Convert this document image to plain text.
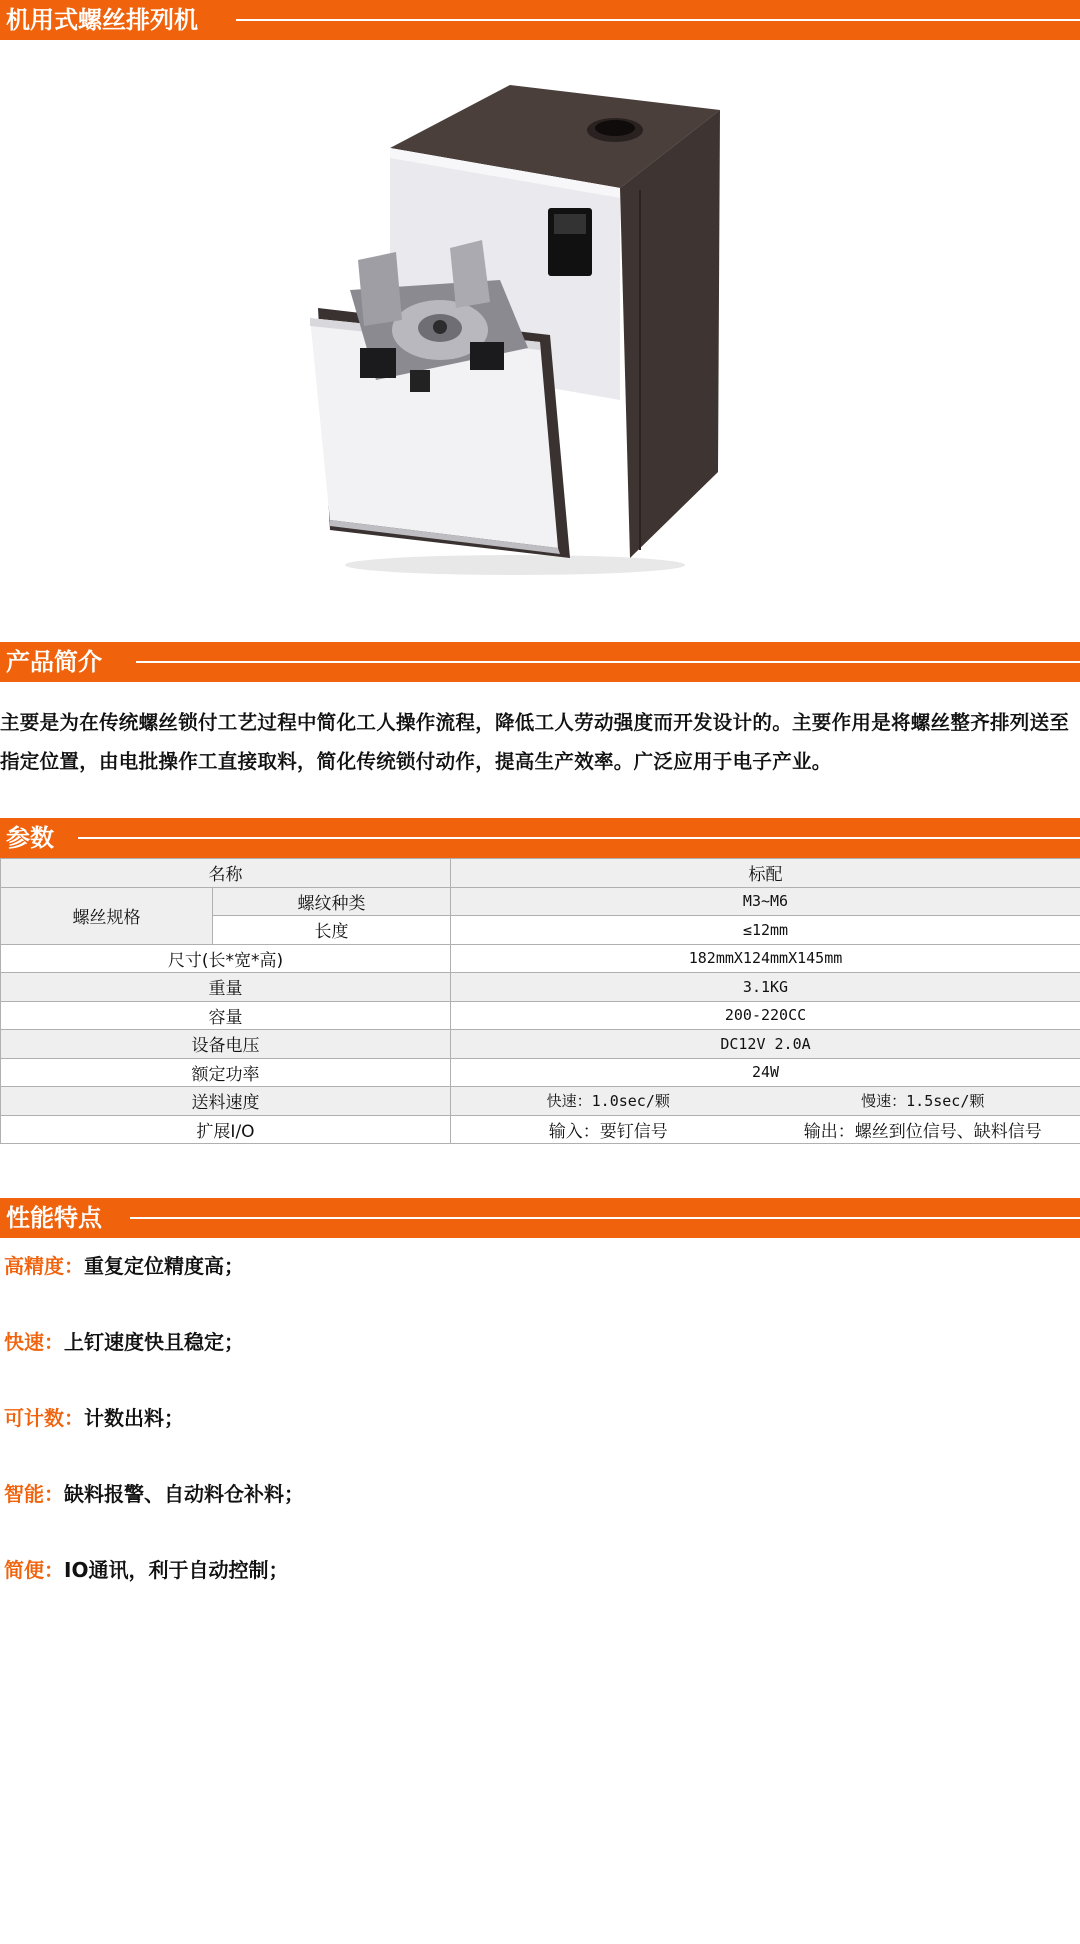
机用式螺丝排列机
产品简介

主要是为在传统螺丝锁付工艺过程中简化工人操作流程，降低工人劳动强度而开发设计的。主要作用是将螺丝整齐排列送至指定位置，由电批操作工直接取料，简化传统锁付动作，提高生产效率。广泛应用于电子产业。

参数
名称		标配
螺丝规格	螺纹种类	M3~M6
	长度	≤12mm
尺寸(长*宽*高)		182mmX124mmX145mm
重量		3.1KG
容量		200-220CC
设备电压		DC12V 2.0A
额定功率		24W
送料速度		快速：1.0sec/颗 慢速：1.5sec/颗

扩展I/O		输入：要钉信号 输出：螺丝到位信号、缺料信号
性能特点

高精度：重复定位精度高；

快速：上钉速度快且稳定；

可计数：计数出料；

智能：缺料报警、自动料仓补料；

简便：IO通讯，利于自动控制；
